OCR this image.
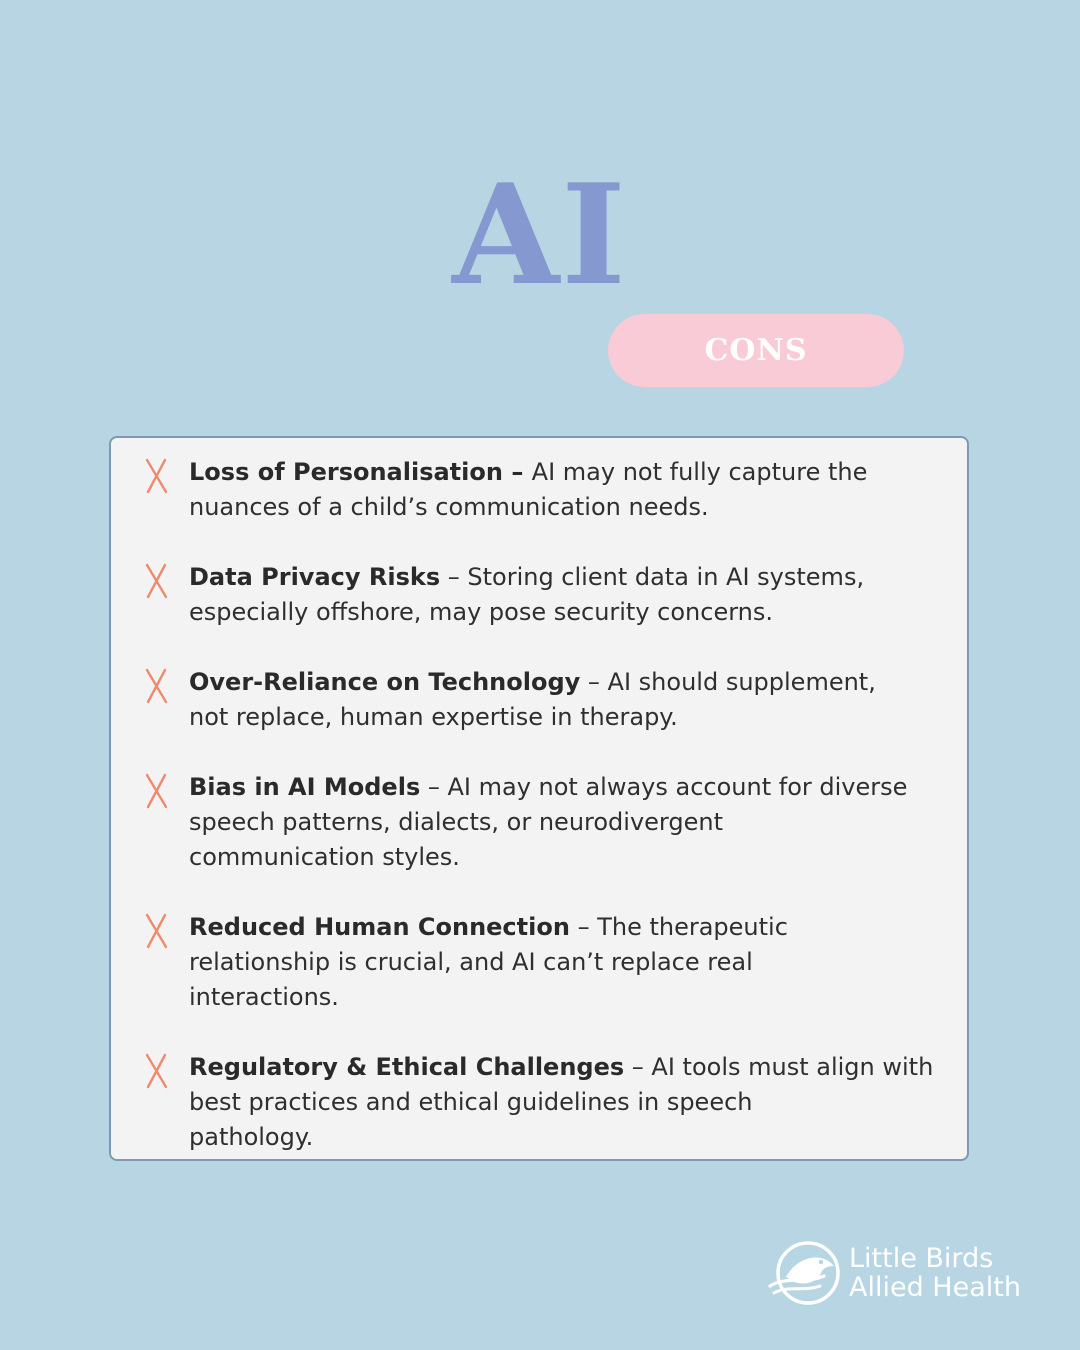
AI
CONS
Loss of Personalisation – AI may not fully capture the
nuances of a child’s communication needs.
Data Privacy Risks – Storing client data in AI systems,
especially offshore, may pose security concerns.
Over-Reliance on Technology – AI should supplement,
not replace, human expertise in therapy.
Bias in AI Models – AI may not always account for diverse
speech patterns, dialects, or neurodivergent
communication styles.
Reduced Human Connection – The therapeutic
relationship is crucial, and AI can’t replace real
interactions.
Regulatory & Ethical Challenges – AI tools must align with
best practices and ethical guidelines in speech
pathology.
Little Birds
Allied Health
